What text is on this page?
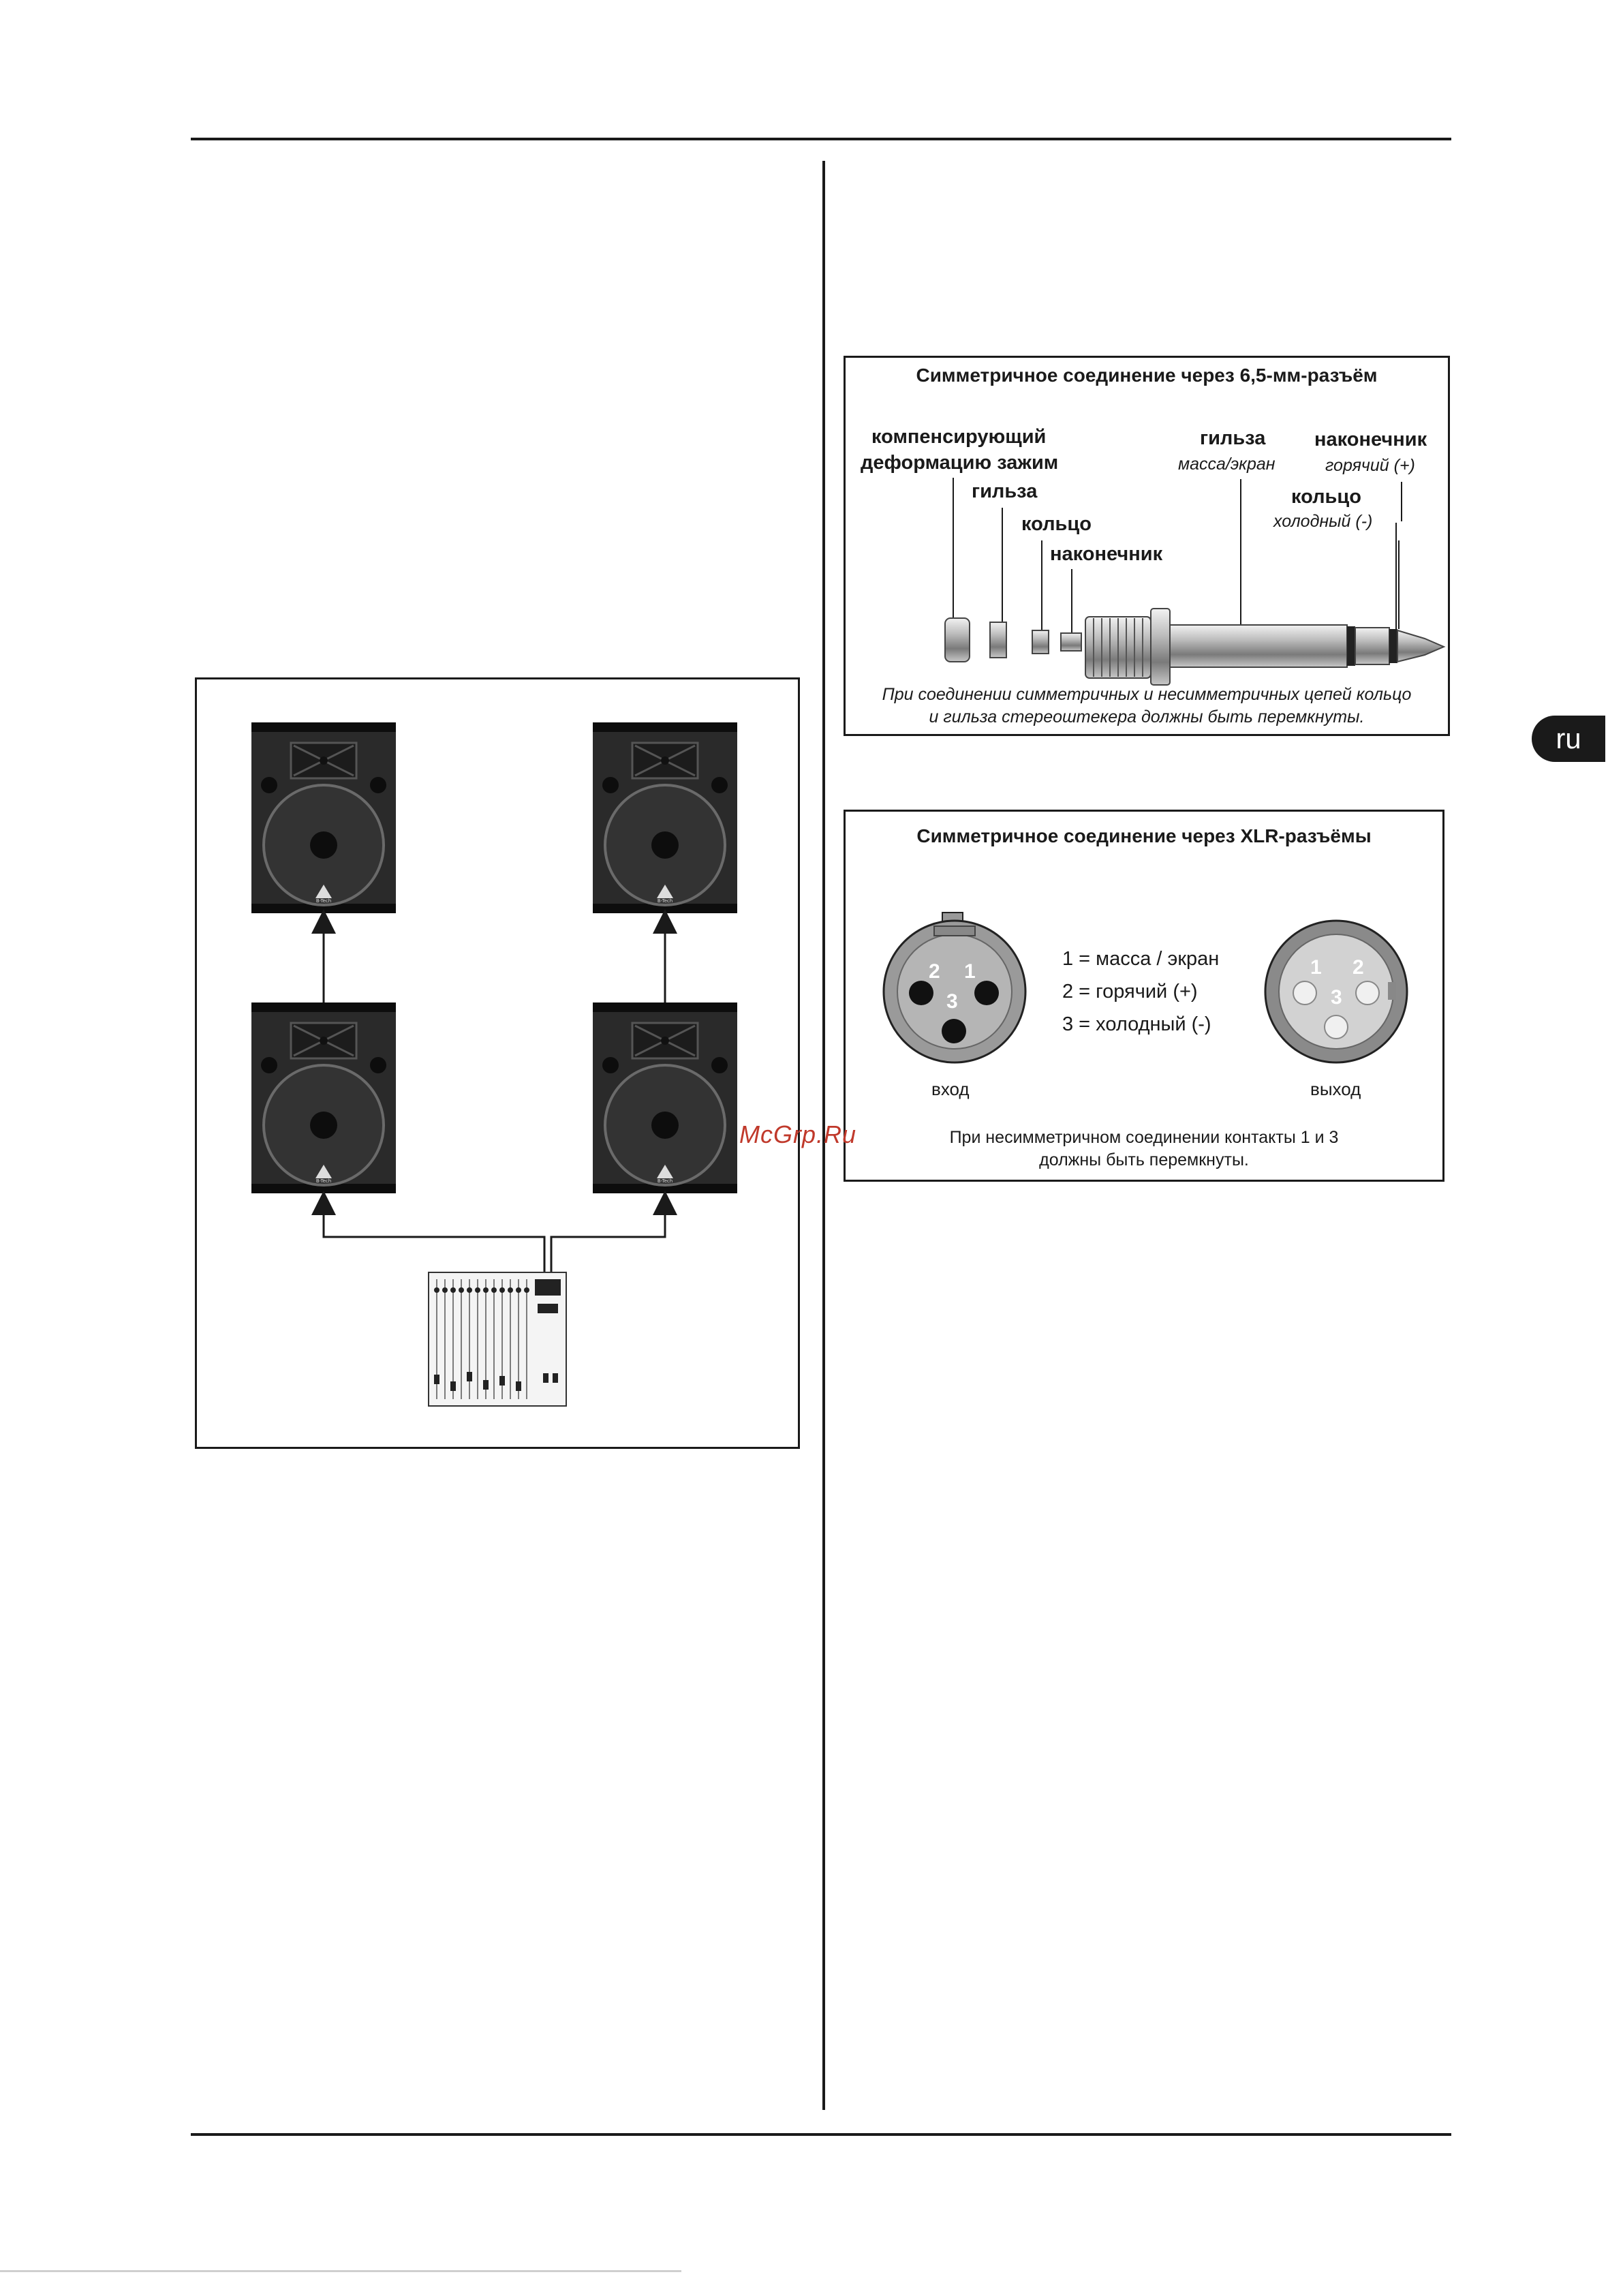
ru
Симметричное соединение через 6,5-мм-разъём
компенсирующий
деформацию зажим
гильза
кольцо
наконечник
гильза
масса/экран
наконечник
горячий (+)
кольцо
холодный (-)
При соединении симметричных и несимметричных цепей кольцо
и гильза стереоштекера должны быть перемкнуты.
Симметричное соединение через XLR-разъёмы
2 1
3
1 2
3
1 = масса / экран
2 = горячий (+)
3 = холодный (-)
вход	выход
При несимметричном соединении контакты 1 и 3
должны быть перемкнуты.
McGrp.Ru
